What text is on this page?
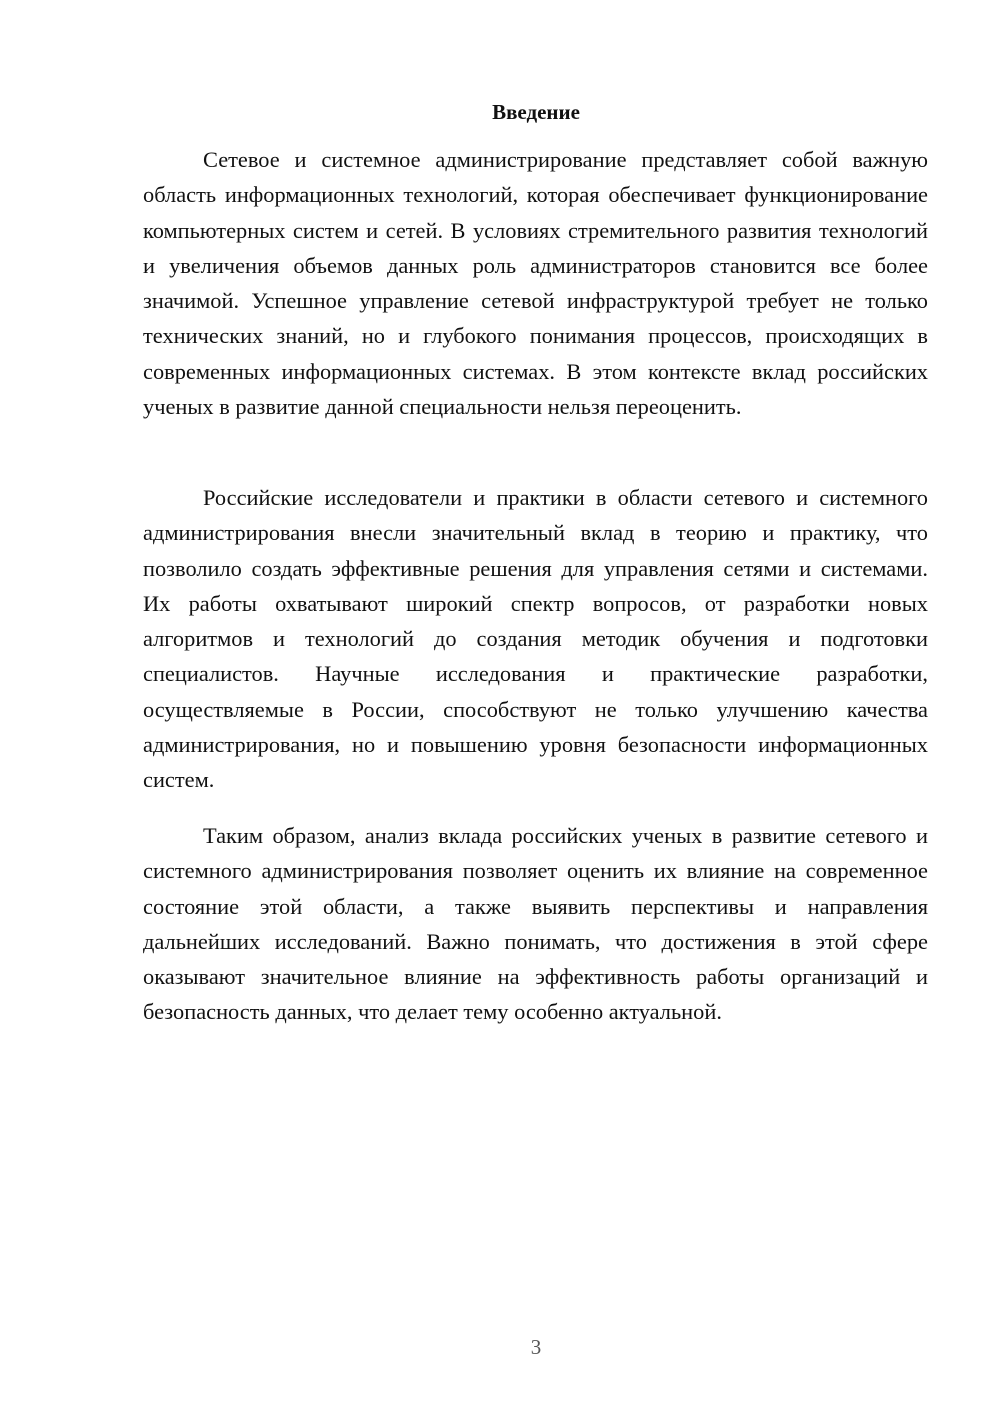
Введение

Сетевое и системное администрирование представляет собой важную область информационных технологий, которая обеспечивает функционирование компьютерных систем и сетей. В условиях стремительного развития технологий и увеличения объемов данных роль администраторов становится все более значимой. Успешное управление сетевой инфраструктурой требует не только технических знаний, но и глубокого понимания процессов, происходящих в современных информационных системах. В этом контексте вклад российских ученых в развитие данной специальности нельзя переоценить.

Российские исследователи и практики в области сетевого и системного администрирования внесли значительный вклад в теорию и практику, что позволило создать эффективные решения для управления сетями и системами. Их работы охватывают широкий спектр вопросов, от разработки новых алгоритмов и технологий до создания методик обучения и подготовки специалистов. Научные исследования и практические разработки, осуществляемые в России, способствуют не только улучшению качества администрирования, но и повышению уровня безопасности информационных систем.

Таким образом, анализ вклада российских ученых в развитие сетевого и системного администрирования позволяет оценить их влияние на современное состояние этой области, а также выявить перспективы и направления дальнейших исследований. Важно понимать, что достижения в этой сфере оказывают значительное влияние на эффективность работы организаций и безопасность данных, что делает тему особенно актуальной.

3
